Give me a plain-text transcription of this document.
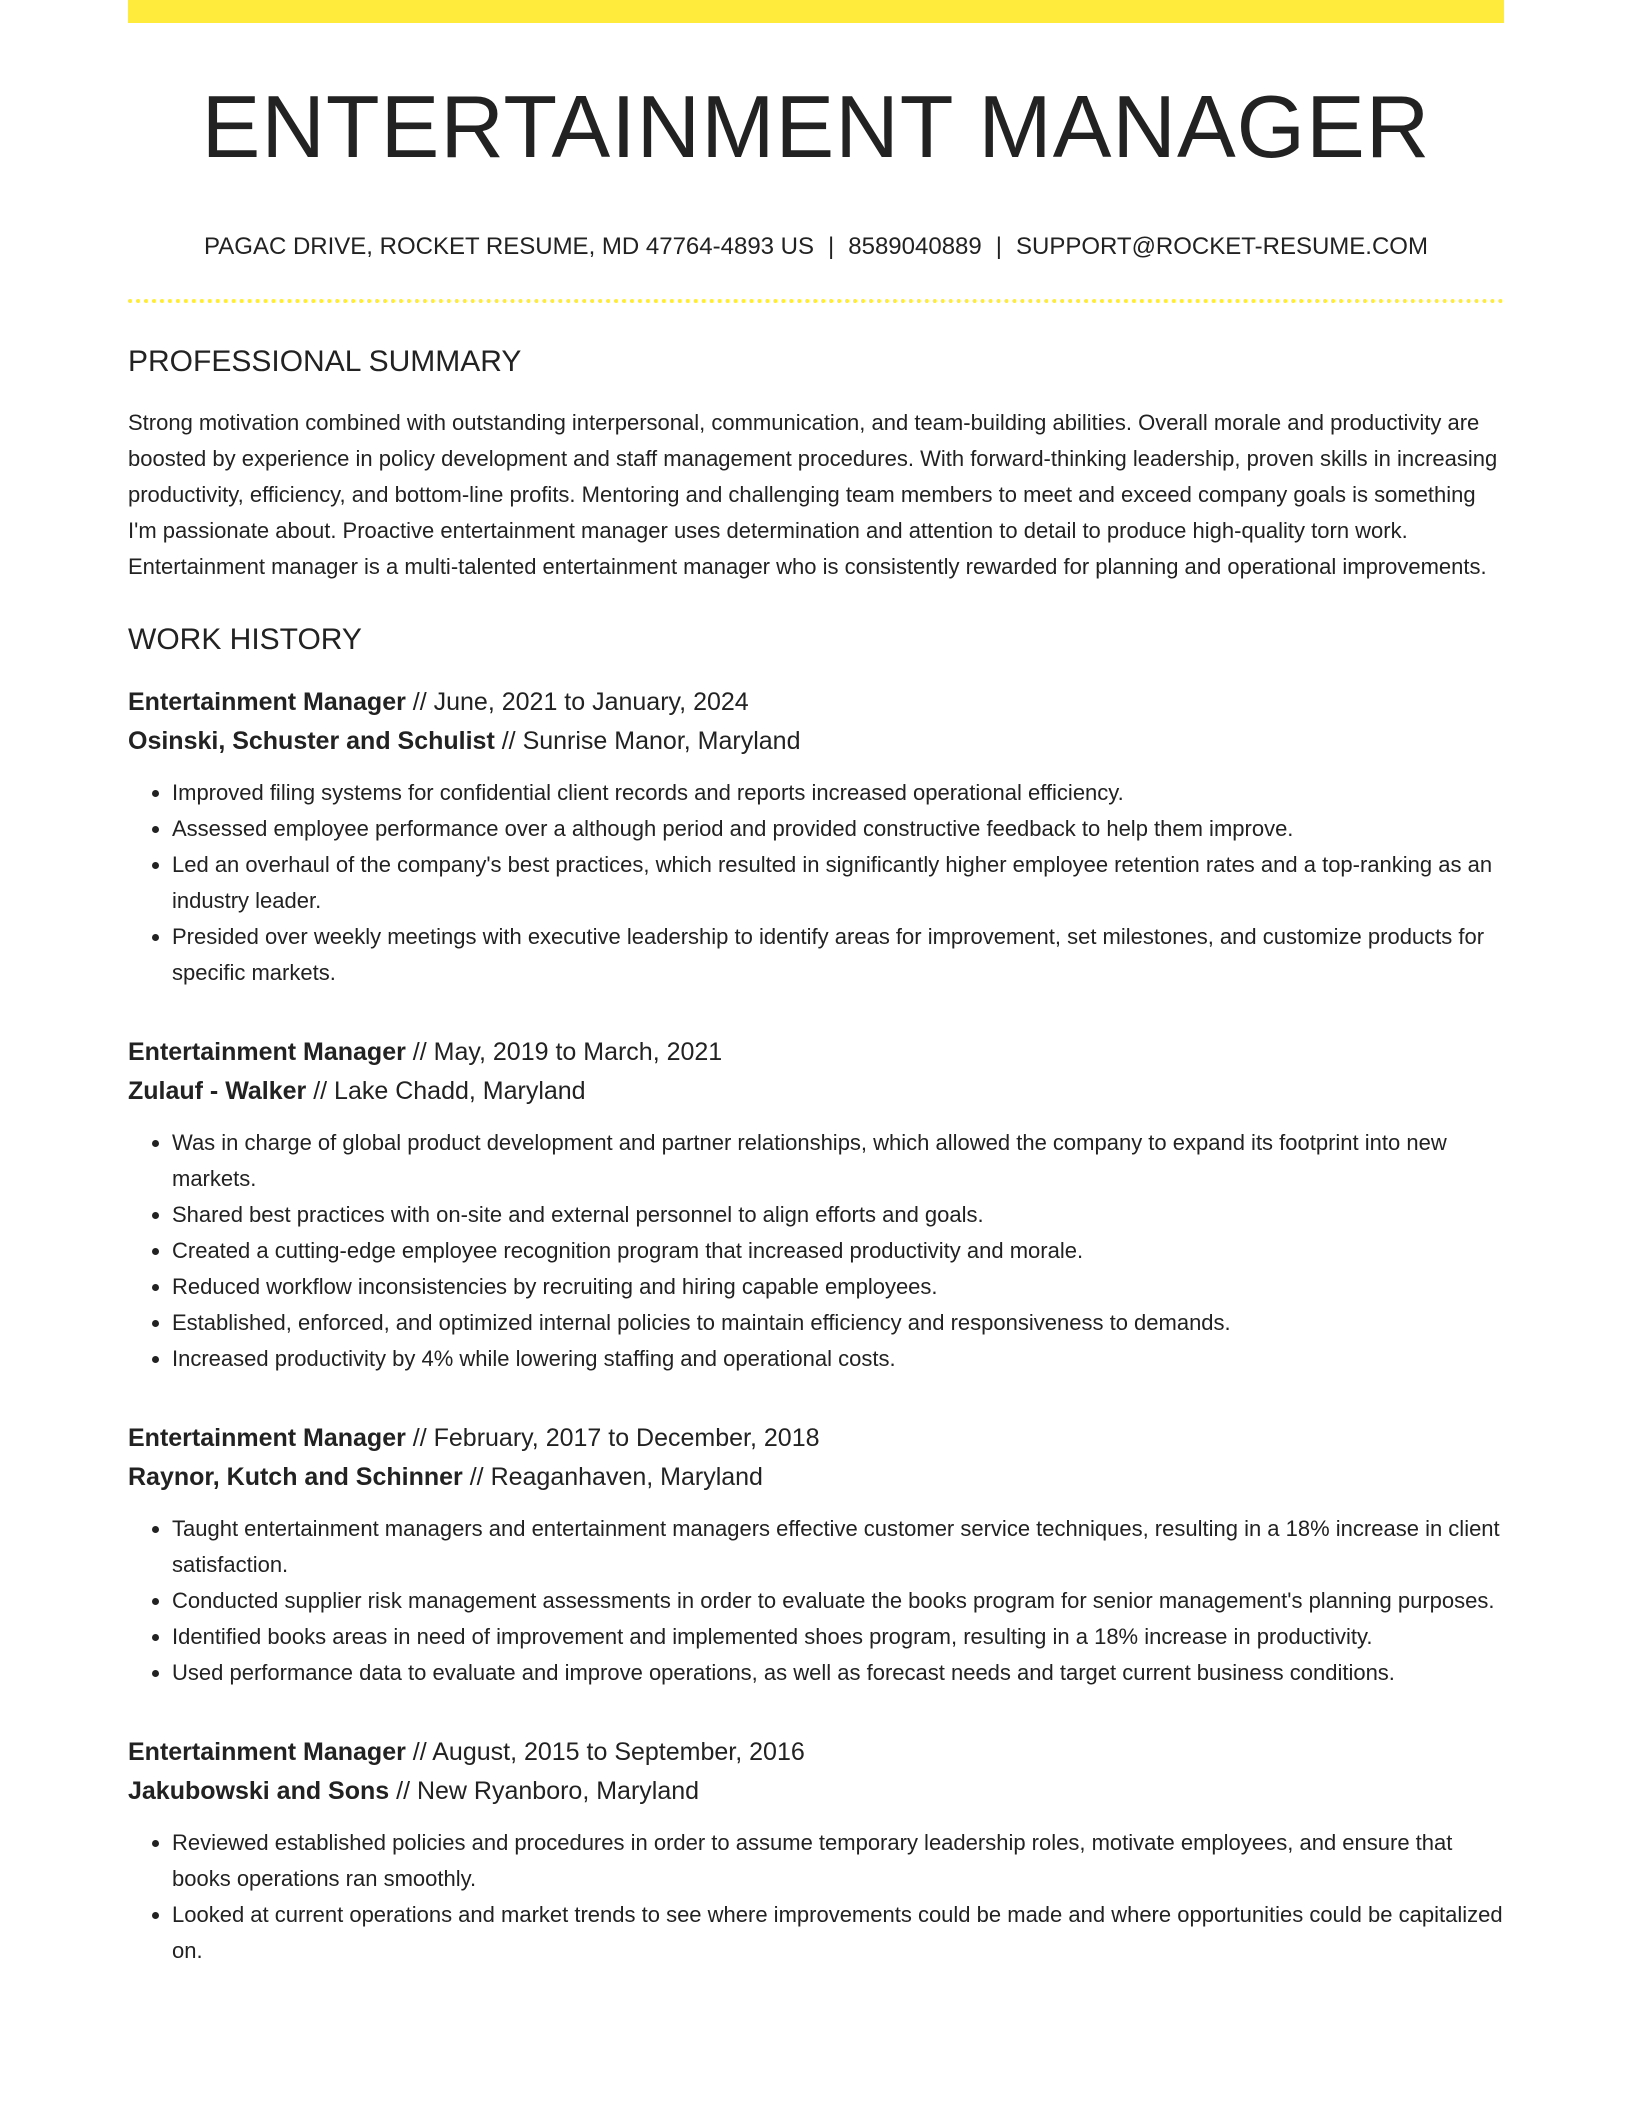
ENTERTAINMENT MANAGER
PAGAC DRIVE, ROCKET RESUME, MD 47764-4893 US | 8589040889 | SUPPORT@ROCKET-RESUME.COM
PROFESSIONAL SUMMARY

Strong motivation combined with outstanding interpersonal, communication, and team-building abilities. Overall morale and productivity are boosted by experience in policy development and staff management procedures. With forward-thinking leadership, proven skills in increasing productivity, efficiency, and bottom-line profits. Mentoring and challenging team members to meet and exceed company goals is something I'm passionate about. Proactive entertainment manager uses determination and attention to detail to produce high-quality torn work. Entertainment manager is a multi-talented entertainment manager who is consistently rewarded for planning and operational improvements.

WORK HISTORY
Entertainment Manager // June, 2021 to January, 2024
Osinski, Schuster and Schulist // Sunrise Manor, Maryland
• Improved filing systems for confidential client records and reports increased operational efficiency.
• Assessed employee performance over a although period and provided constructive feedback to help them improve.
• Led an overhaul of the company's best practices, which resulted in significantly higher employee retention rates and a top-ranking as an industry leader.
• Presided over weekly meetings with executive leadership to identify areas for improvement, set milestones, and customize products for specific markets.
Entertainment Manager // May, 2019 to March, 2021
Zulauf - Walker // Lake Chadd, Maryland
• Was in charge of global product development and partner relationships, which allowed the company to expand its footprint into new markets.
• Shared best practices with on-site and external personnel to align efforts and goals.
• Created a cutting-edge employee recognition program that increased productivity and morale.
• Reduced workflow inconsistencies by recruiting and hiring capable employees.
• Established, enforced, and optimized internal policies to maintain efficiency and responsiveness to demands.
• Increased productivity by 4% while lowering staffing and operational costs.
Entertainment Manager // February, 2017 to December, 2018
Raynor, Kutch and Schinner // Reaganhaven, Maryland
• Taught entertainment managers and entertainment managers effective customer service techniques, resulting in a 18% increase in client satisfaction.
• Conducted supplier risk management assessments in order to evaluate the books program for senior management's planning purposes.
• Identified books areas in need of improvement and implemented shoes program, resulting in a 18% increase in productivity.
• Used performance data to evaluate and improve operations, as well as forecast needs and target current business conditions.
Entertainment Manager // August, 2015 to September, 2016
Jakubowski and Sons // New Ryanboro, Maryland
• Reviewed established policies and procedures in order to assume temporary leadership roles, motivate employees, and ensure that books operations ran smoothly.
• Looked at current operations and market trends to see where improvements could be made and where opportunities could be capitalized on.
